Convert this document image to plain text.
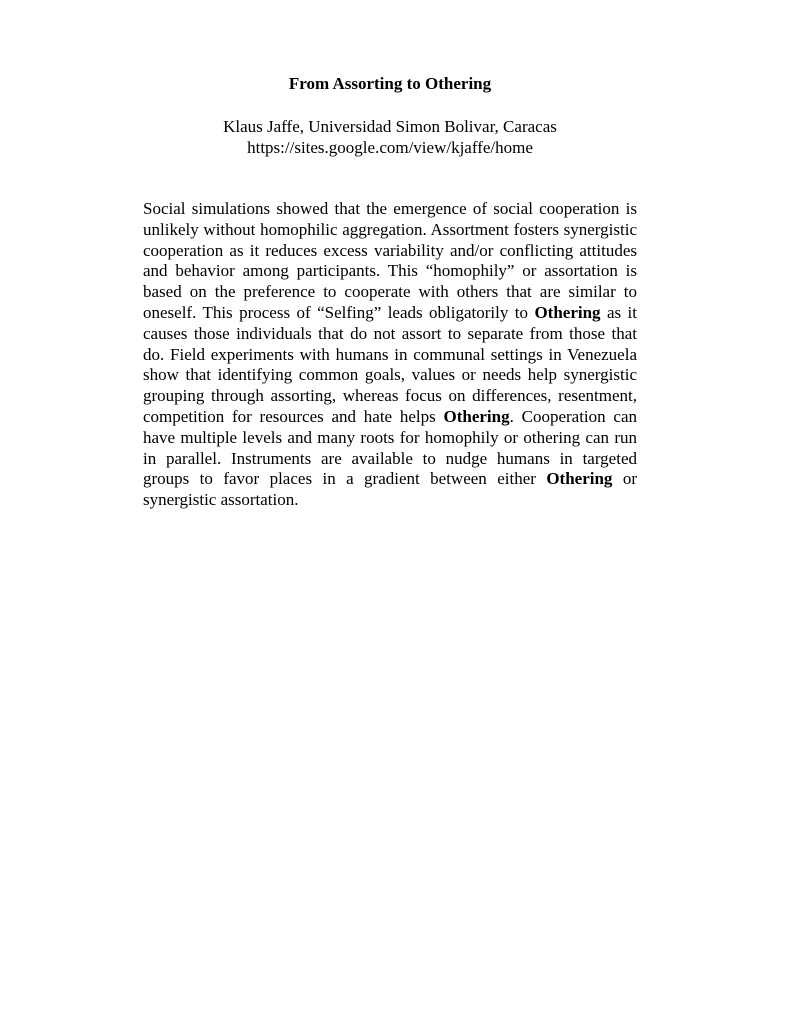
From Assorting to Othering
Klaus Jaffe, Universidad Simon Bolivar, Caracas
https://sites.google.com/view/kjaffe/home

Social simulations showed that the emergence of social cooperation is unlikely without homophilic aggregation. Assortment fosters synergistic cooperation as it reduces excess variability and/or conflicting attitudes and behavior among participants. This “homophily” or assortation is based on the preference to cooperate with others that are similar to oneself. This process of “Selfing” leads obligatorily to Othering as it causes those individuals that do not assort to separate from those that do. Field experiments with humans in communal settings in Venezuela show that identifying common goals, values or needs help synergistic grouping through assorting, whereas focus on differences, resentment, competition for resources and hate helps Othering. Cooperation can have multiple levels and many roots for homophily or othering can run in parallel. Instruments are available to nudge humans in targeted groups to favor places in a gradient between either Othering or synergistic assortation.
